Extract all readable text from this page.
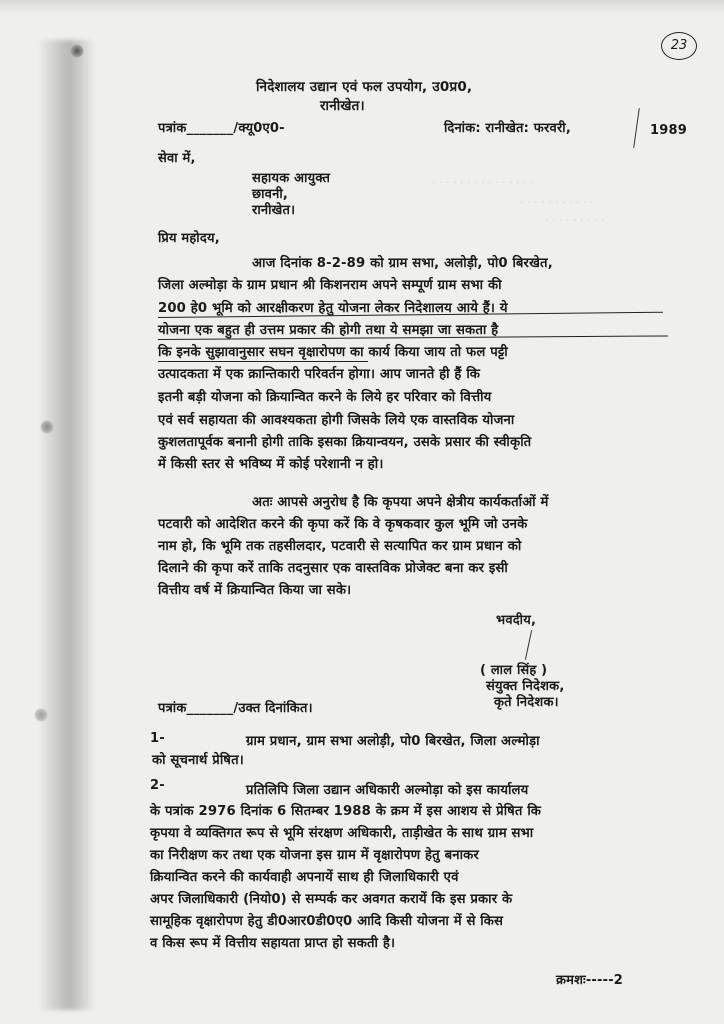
· · · · · · · · · · · · · · ·
· · · · · · · · · · ·
· · · · · · · · ·
23
निदेशालय उद्यान एवं फल उपयोग, उ0प्र0,
रानीखेत।
पत्रांक_______/क्यू0ए0-	दिनांक: रानीखेत: फरवरी,	1989
सेवा में,
सहायक आयुक्त
छावनी,
रानीखेत।
प्रिय महोदय,
आज दिनांक 8-2-89 को ग्राम सभा, अलोड़ी, पो0 बिरखेत,
जिला अल्मोड़ा के ग्राम प्रधान श्री किशनराम अपने सम्पूर्ण ग्राम सभा की
200 हे0 भूमि को आरक्षीकरण हेतु योजना लेकर निदेशालय आये हैं। ये
योजना एक बहुत ही उत्तम प्रकार की होगी तथा ये समझा जा सकता है
कि इनके सुझावानुसार सघन वृक्षारोपण का कार्य किया जाय तो फल पट्टी
उत्पादकता में एक क्रान्तिकारी परिवर्तन होगा। आप जानते ही हैं कि
इतनी बड़ी योजना को क्रियान्वित करने के लिये हर परिवार को वित्तीय
एवं सर्व सहायता की आवश्यकता होगी जिसके लिये एक वास्तविक योजना
कुशलतापूर्वक बनानी होगी ताकि इसका क्रियान्वयन, उसके प्रसार की स्वीकृति
में किसी स्तर से भविष्य में कोई परेशानी न हो।
अतः आपसे अनुरोध है कि कृपया अपने क्षेत्रीय कार्यकर्ताओं में
पटवारी को आदेशित करने की कृपा करें कि वे कृषकवार कुल भूमि जो उनके
नाम हो, कि भूमि तक तहसीलदार, पटवारी से सत्यापित कर ग्राम प्रधान को
दिलाने की कृपा करें ताकि तदनुसार एक वास्तविक प्रोजेक्ट बना कर इसी
वित्तीय वर्ष में क्रियान्वित किया जा सके।
भवदीय,
( लाल सिंह )
संयुक्त निदेशक,
कृते निदेशक।
पत्रांक_______/उक्त दिनांकित।
1-	ग्राम प्रधान, ग्राम सभा अलोड़ी, पो0 बिरखेत, जिला अल्मोड़ा
को सूचनार्थ प्रेषित।
2-	प्रतिलिपि जिला उद्यान अधिकारी अल्मोड़ा को इस कार्यालय
के पत्रांक 2976 दिनांक 6 सितम्बर 1988 के क्रम में इस आशय से प्रेषित कि
कृपया वे व्यक्तिगत रूप से भूमि संरक्षण अधिकारी, ताड़ीखेत के साथ ग्राम सभा
का निरीक्षण कर तथा एक योजना इस ग्राम में वृक्षारोपण हेतु बनाकर
क्रियान्वित करने की कार्यवाही अपनायें साथ ही जिलाधिकारी एवं
अपर जिलाधिकारी (नियो0) से सम्पर्क कर अवगत करायें कि इस प्रकार के
सामूहिक वृक्षारोपण हेतु डी0आर0डी0ए0 आदि किसी योजना में से किस
व किस रूप में वित्तीय सहायता प्राप्त हो सकती है।
क्रमशः-----2
